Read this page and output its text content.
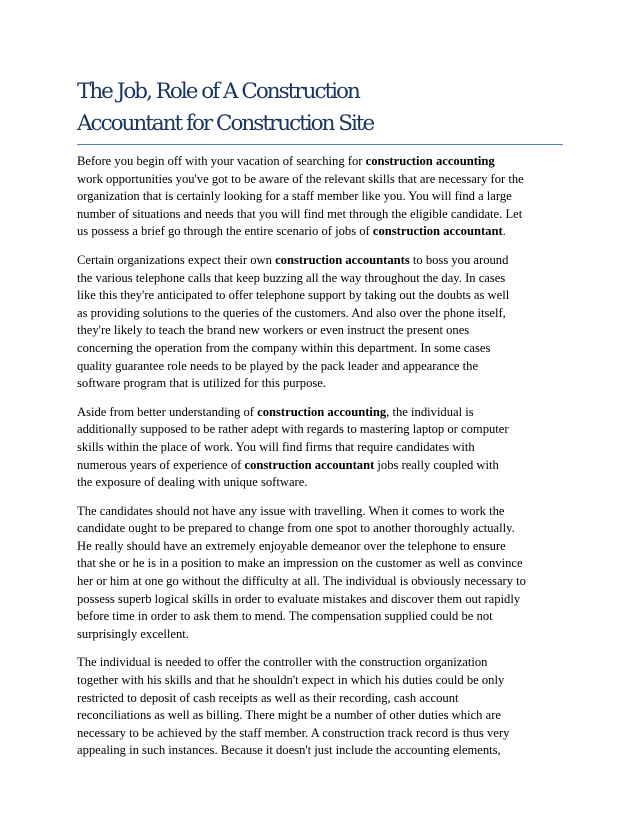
The Job, Role of A Construction
Accountant for Construction Site

Before you begin off with your vacation of searching for construction accounting
work opportunities you've got to be aware of the relevant skills that are necessary for the
organization that is certainly looking for a staff member like you. You will find a large
number of situations and needs that you will find met through the eligible candidate. Let
us possess a brief go through the entire scenario of jobs of construction accountant.

Certain organizations expect their own construction accountants to boss you around
the various telephone calls that keep buzzing all the way throughout the day. In cases
like this they're anticipated to offer telephone support by taking out the doubts as well
as providing solutions to the queries of the customers. And also over the phone itself,
they're likely to teach the brand new workers or even instruct the present ones
concerning the operation from the company within this department. In some cases
quality guarantee role needs to be played by the pack leader and appearance the
software program that is utilized for this purpose.

Aside from better understanding of construction accounting, the individual is
additionally supposed to be rather adept with regards to mastering laptop or computer
skills within the place of work. You will find firms that require candidates with
numerous years of experience of construction accountant jobs really coupled with
the exposure of dealing with unique software.

The candidates should not have any issue with travelling. When it comes to work the
candidate ought to be prepared to change from one spot to another thoroughly actually.
He really should have an extremely enjoyable demeanor over the telephone to ensure
that she or he is in a position to make an impression on the customer as well as convince
her or him at one go without the difficulty at all. The individual is obviously necessary to
possess superb logical skills in order to evaluate mistakes and discover them out rapidly
before time in order to ask them to mend. The compensation supplied could be not
surprisingly excellent.

The individual is needed to offer the controller with the construction organization
together with his skills and that he shouldn't expect in which his duties could be only
restricted to deposit of cash receipts as well as their recording, cash account
reconciliations as well as billing. There might be a number of other duties which are
necessary to be achieved by the staff member. A construction track record is thus very
appealing in such instances. Because it doesn't just include the accounting elements,
